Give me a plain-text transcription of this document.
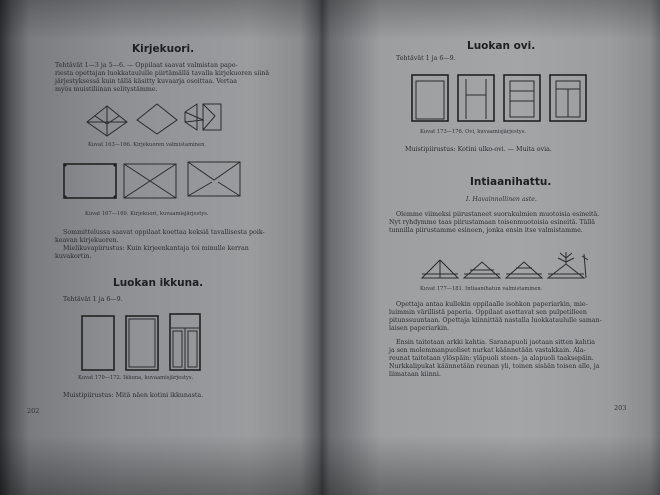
Kirjekuori.
Tehtävät 1—3 ja 5—6. — Oppilaat saavat valmistan pape-
riesta opettajan luokkataululle piirtämällä tavalla kirjekuoren siinä
järjestyksessä kuin tällä käsitty kuvaarja osoittaa. Vertaa
myös muistiliinan selitystämme.
Kuvat 163—166. Kirjekuoren valmistaminen.
Kuvat 167—169. Kirjekuori, kuvaamisjärjestys.
Sommittelussa saavat oppilaat koettaa keksiä tavallisesta poik-
keavan kirjekuoren.
Mielikuvapiirustus: Kuin kirjeenkantaja toi minulle kerran
kuvakortin.
Luokan ikkuna.
Tehtävät 1 ja 6—9.
Kuvat 170—172. Ikkuna, kuvaamisjärjestys.
Muistipiirustus: Mitä näen kotini ikkunasta.
202
Luokan ovi.
Tehtävät 1 ja 6—9.
Kuvat 173—176. Ovi, kuvaamisjärjestys.
Muistipiirustus: Kotini ulko-ovi. — Muita ovia.
Intiaanihattu.
I. Havainnollinen aste.
Olemme viimeksi piirustaneet suorakulmien muotoisia esineitä.
Nyt ryhdymme taas piirustamaan toisenmuotoisia esineitä. Tällä
tunnilla piirustamme esineen, jonka ensin itse valmistamme.
Kuvat 177—181. Intiaanihatun valmistaminen.
Opettaja antaa kullekin oppilaalle isohkon paperiarkin, mie-
luimmin värillistä paperia. Oppilaat asettavat sen pulpetilleen
pitunssuuntaan. Opettaja kiinnittää nastalla luokkataululle saman-
laisen paperiarkin.
Ensin taitetaan arkki kahtia. Saranapuoli jaetaan sitten kahtia
ja sen molemmanpuoliset nurkat käännetään vastakkain. Ala-
reunat taitetaan ylöspäin: yläpuoli steen- ja alapuoli taaksepäin.
Nurkkalipukat käännetään reunan yli, toinen sisään toisen alle, ja
liimataan kiinni.
203
